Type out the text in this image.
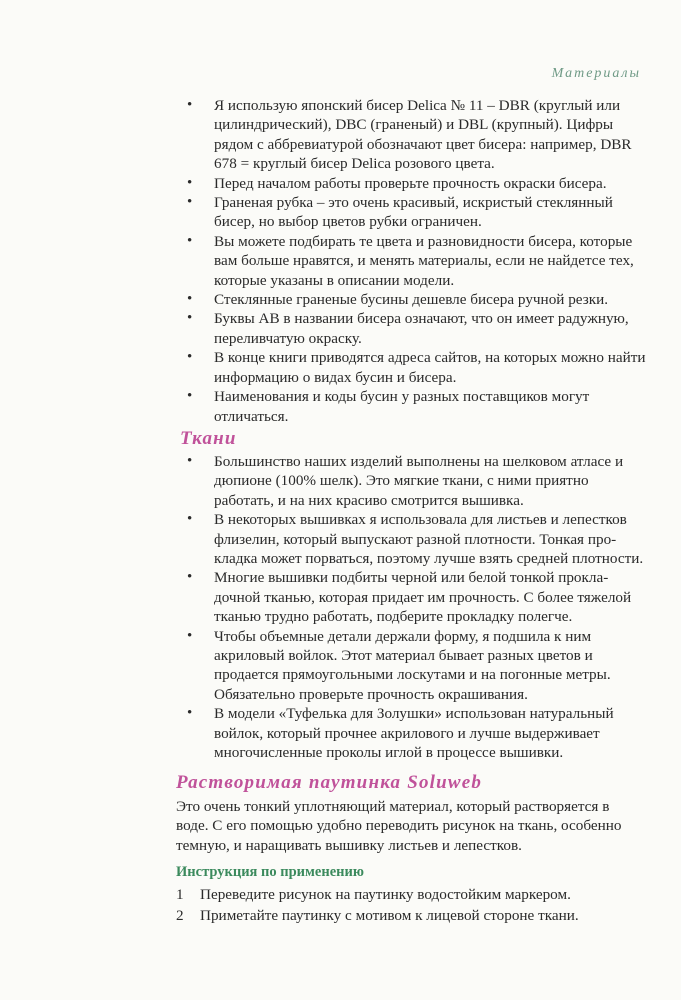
Материалы
• Я использую японский бисер Delica № 11 – DBR (круглый или цилиндрический), DBC (граненый) и DBL (крупный). Цифры рядом с аббревиатурой обозначают цвет бисера: например, DBR 678 = круглый бисер Delica розового цвета.
• Перед началом работы проверьте прочность окраски бисера.
• Граненая рубка – это очень красивый, искристый стеклянный бисер, но выбор цветов рубки ограничен.
• Вы можете подбирать те цвета и разновидности бисера, которые вам больше нравятся, и менять материалы, если не найдетсе тех, которые указаны в описании модели.
• Стеклянные граненые бусины дешевле бисера ручной резки.
• Буквы AB в названии бисера означают, что он имеет радужную, переливчатую окраску.
• В конце книги приводятся адреса сайтов, на которых можно найти информацию о видах бусин и бисера.
• Наименования и коды бусин у разных поставщиков могут отличаться.
Ткани
• Большинство наших изделий выполнены на шелковом атласе и дюпионе (100% шелк). Это мягкие ткани, с ними приятно работать, и на них красиво смотрится вышивка.
• В некоторых вышивках я использовала для листьев и лепестков флизелин, который выпускают разной плотности. Тонкая прокладка может порваться, поэтому лучше взять средней плотности.
• Многие вышивки подбиты черной или белой тонкой прокладочной тканью, которая придает им прочность. С более тяжелой тканью трудно работать, подберите прокладку полегче.
• Чтобы объемные детали держали форму, я подшила к ним акриловый войлок. Этот материал бывает разных цветов и продается прямоугольными лоскутами и на погонные метры. Обязательно проверьте прочность окрашивания.
• В модели «Туфелька для Золушки» использован натуральный войлок, который прочнее акрилового и лучше выдерживает многочисленные проколы иглой в процессе вышивки.
Растворимая паутинка Soluweb

Это очень тонкий уплотняющий материал, который растворяется в воде. С его помощью удобно переводить рисунок на ткань, особенно темную, и наращивать вышивку листьев и лепестков.

Инструкция по применению
1	Переведите рисунок на паутинку водостойким маркером.
2	Приметайте паутинку с мотивом к лицевой стороне ткани.
